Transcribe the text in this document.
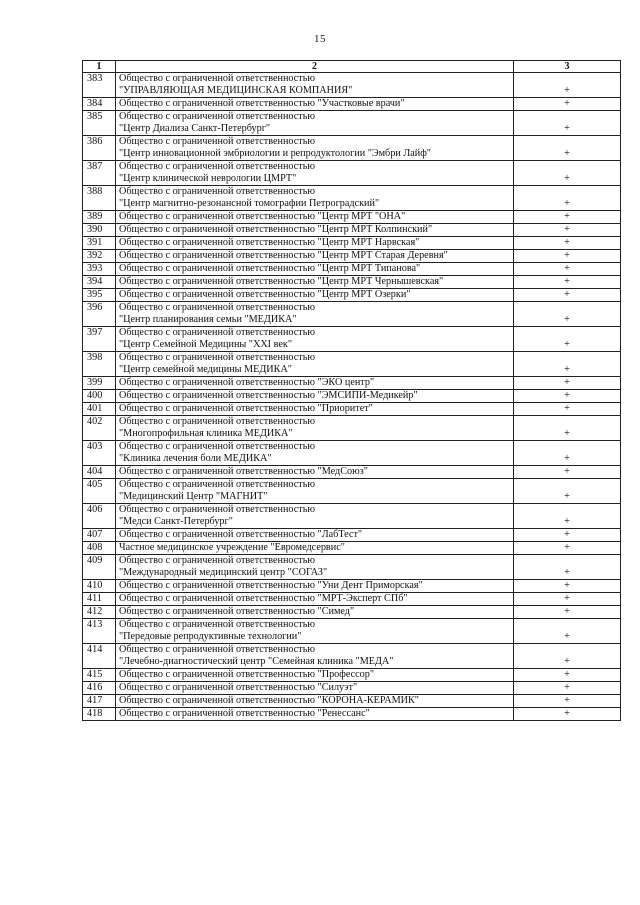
15
1	2	3
383	Общество с ограниченной ответственностью
"УПРАВЛЯЮЩАЯ МЕДИЦИНСКАЯ КОМПАНИЯ"	+
384	Общество с ограниченной ответственностью "Участковые врачи"	+
385	Общество с ограниченной ответственностью
"Центр Диализа Санкт-Петербург"	+
386	Общество с ограниченной ответственностью
"Центр инновационной эмбриологии и репродуктологии "Эмбри Лайф"	+
387	Общество с ограниченной ответственностью
"Центр клинической неврологии ЦМРТ"	+
388	Общество с ограниченной ответственностью
"Центр магнитно-резонансной томографии Петроградский"	+
389	Общество с ограниченной ответственностью "Центр МРТ "ОНА"	+
390	Общество с ограниченной ответственностью "Центр МРТ Колпинский"	+
391	Общество с ограниченной ответственностью "Центр МРТ Нарвская"	+
392	Общество с ограниченной ответственностью "Центр МРТ Старая Деревня"	+
393	Общество с ограниченной ответственностью "Центр МРТ Типанова"	+
394	Общество с ограниченной ответственностью "Центр МРТ Чернышевская"	+
395	Общество с ограниченной ответственностью "Центр МРТ Озерки"	+
396	Общество с ограниченной ответственностью
"Центр планирования семьи "МЕДИКА"	+
397	Общество с ограниченной ответственностью
"Центр Семейной Медицины "XXI век"	+
398	Общество с ограниченной ответственностью
"Центр семейной медицины МЕДИКА"	+
399	Общество с ограниченной ответственностью "ЭКО центр"	+
400	Общество с ограниченной ответственностью "ЭМСИПИ-Медикейр"	+
401	Общество с ограниченной ответственностью "Приоритет"	+
402	Общество с ограниченной ответственностью
"Многопрофильная клиника МЕДИКА"	+
403	Общество с ограниченной ответственностью
"Клиника лечения боли МЕДИКА"	+
404	Общество с ограниченной ответственностью "МедСоюз"	+
405	Общество с ограниченной ответственностью
"Медицинский Центр "МАГНИТ"	+
406	Общество с ограниченной ответственностью
"Медси Санкт-Петербург"	+
407	Общество с ограниченной ответственностью "ЛабТест"	+
408	Частное медицинское учреждение "Евромедсервис"	+
409	Общество с ограниченной ответственностью
"Международный медицинский центр "СОГАЗ"	+
410	Общество с ограниченной ответственностью "Уни Дент Приморская"	+
411	Общество с ограниченной ответственностью "МРТ-Эксперт СПб"	+
412	Общество с ограниченной ответственностью "Симед"	+
413	Общество с ограниченной ответственностью
"Передовые репродуктивные технологии"	+
414	Общество с ограниченной ответственностью
"Лечебно-диагностический центр "Семейная клиника "МЕДА"	+
415	Общество с ограниченной ответственностью "Профессор"	+
416	Общество с ограниченной ответственностью "Силуэт"	+
417	Общество с ограниченной ответственностью "КОРОНА-КЕРАМИК"	+
418	Общество с ограниченной ответственностью "Ренессанс"	+
